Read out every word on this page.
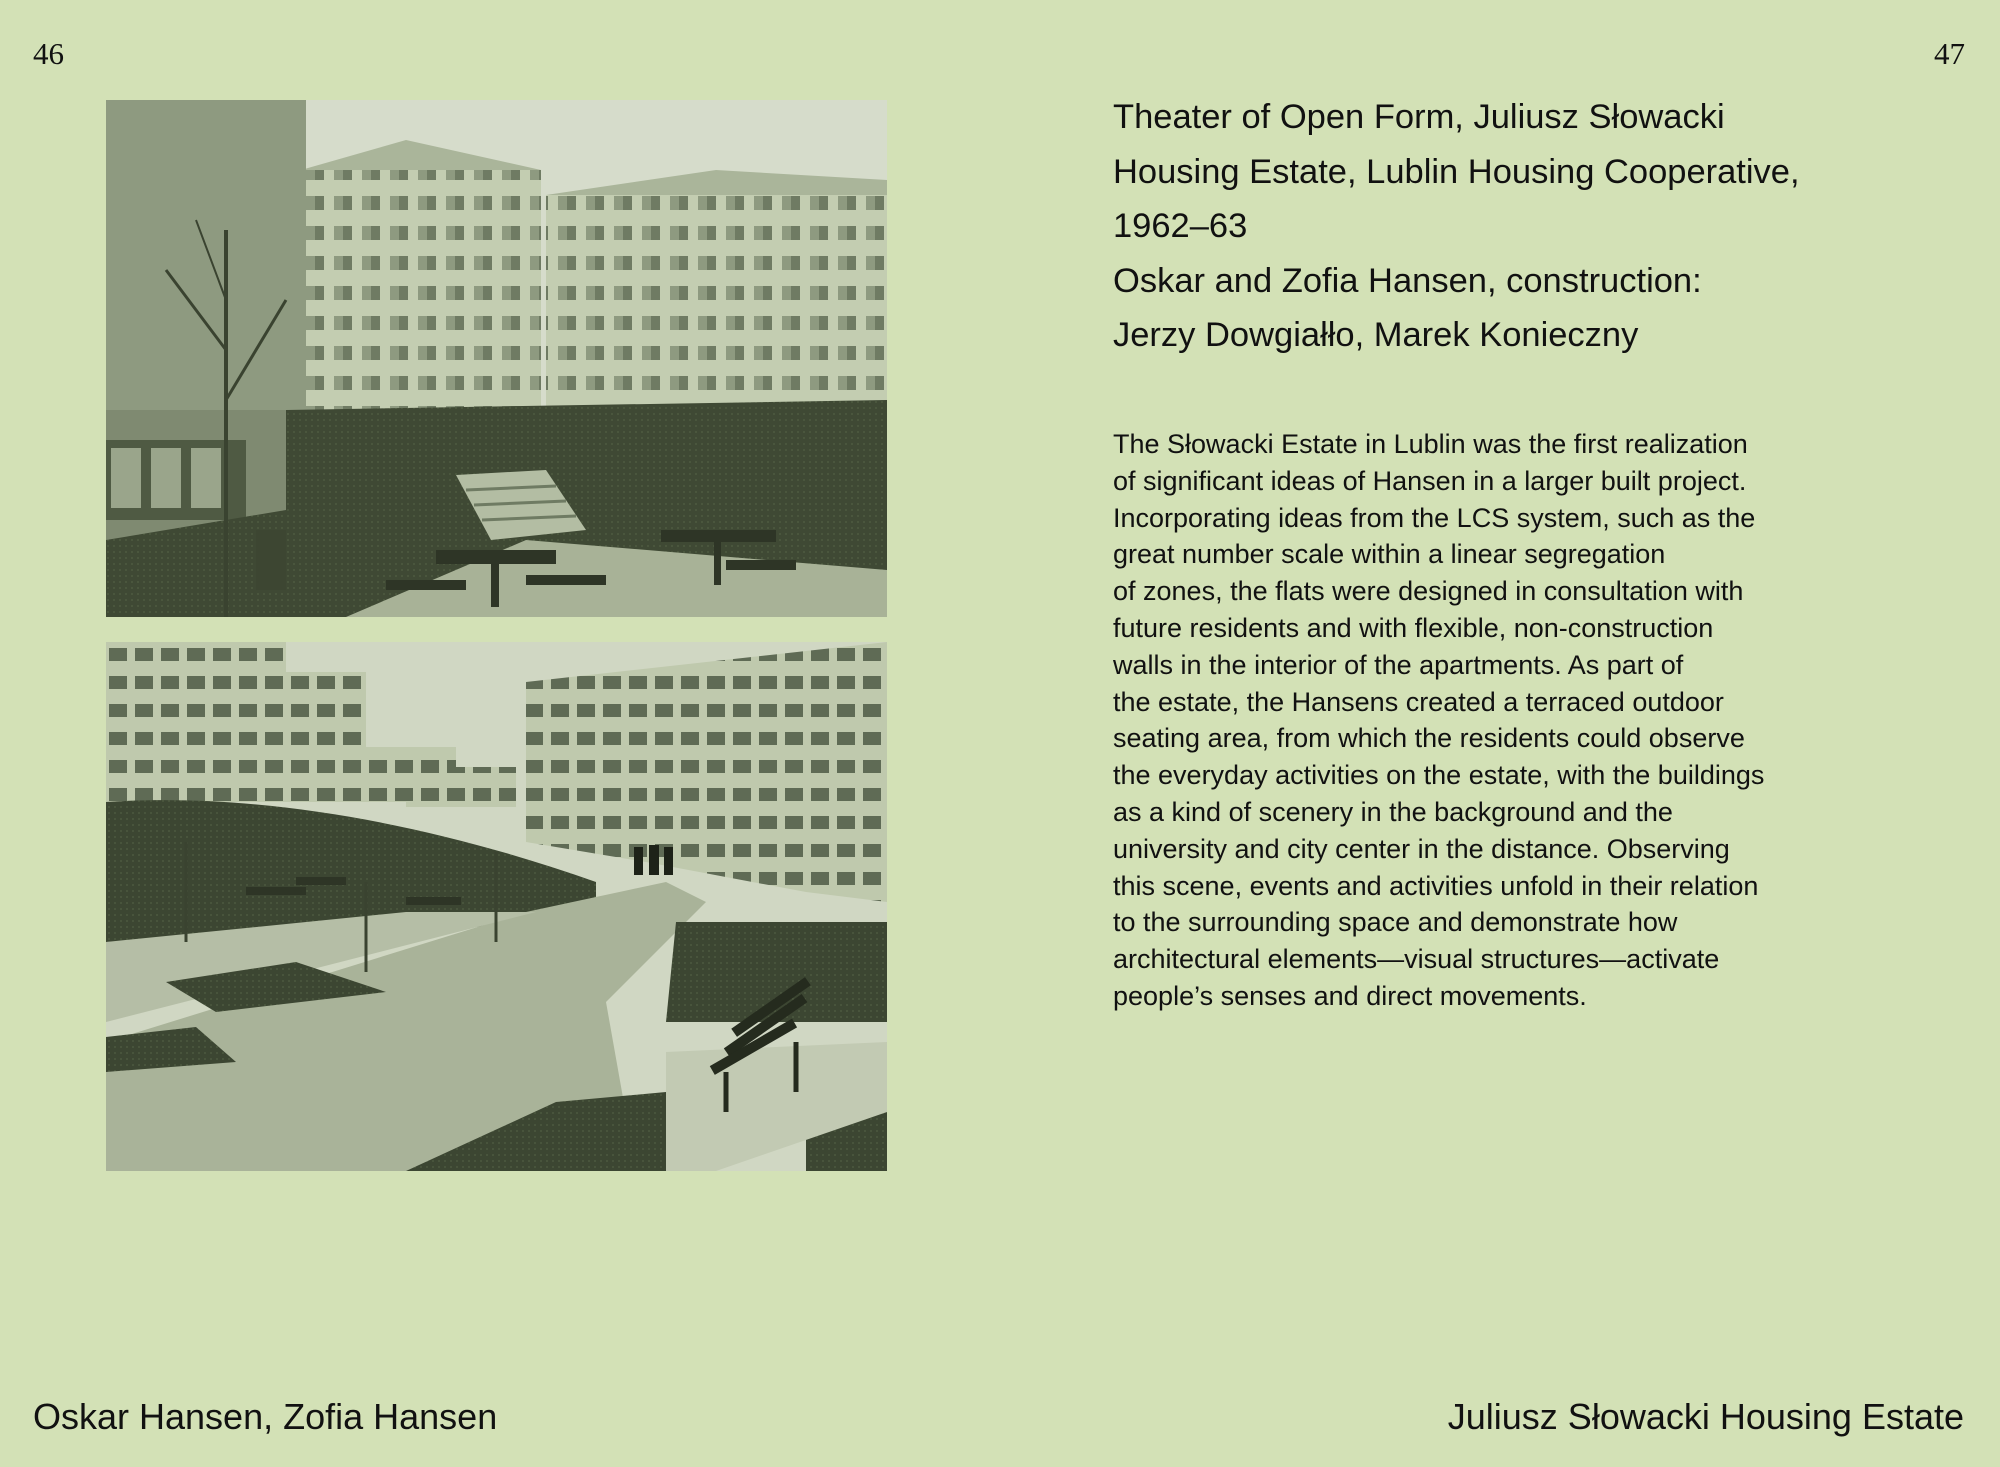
46	47
Theater of Open Form, Juliusz Słowacki
Housing Estate, Lublin Housing Cooperative,
1962–63
Oskar and Zofia Hansen, construction:
Jerzy Dowgiałło, Marek Konieczny
The Słowacki Estate in Lublin was the first realization
of significant ideas of Hansen in a larger built project.
Incorporating ideas from the LCS system, such as the
great number scale within a linear segregation
of zones, the flats were designed in consultation with
future residents and with flexible, non-construction
walls in the interior of the apartments. As part of
the estate, the Hansens created a terraced outdoor
seating area, from which the residents could observe
the everyday activities on the estate, with the buildings
as a kind of scenery in the background and the
university and city center in the distance. Observing
this scene, events and activities unfold in their relation
to the surrounding space and demonstrate how
architectural elements—visual structures—activate
people’s senses and direct movements.
Oskar Hansen, Zofia Hansen	Juliusz Słowacki Housing Estate
